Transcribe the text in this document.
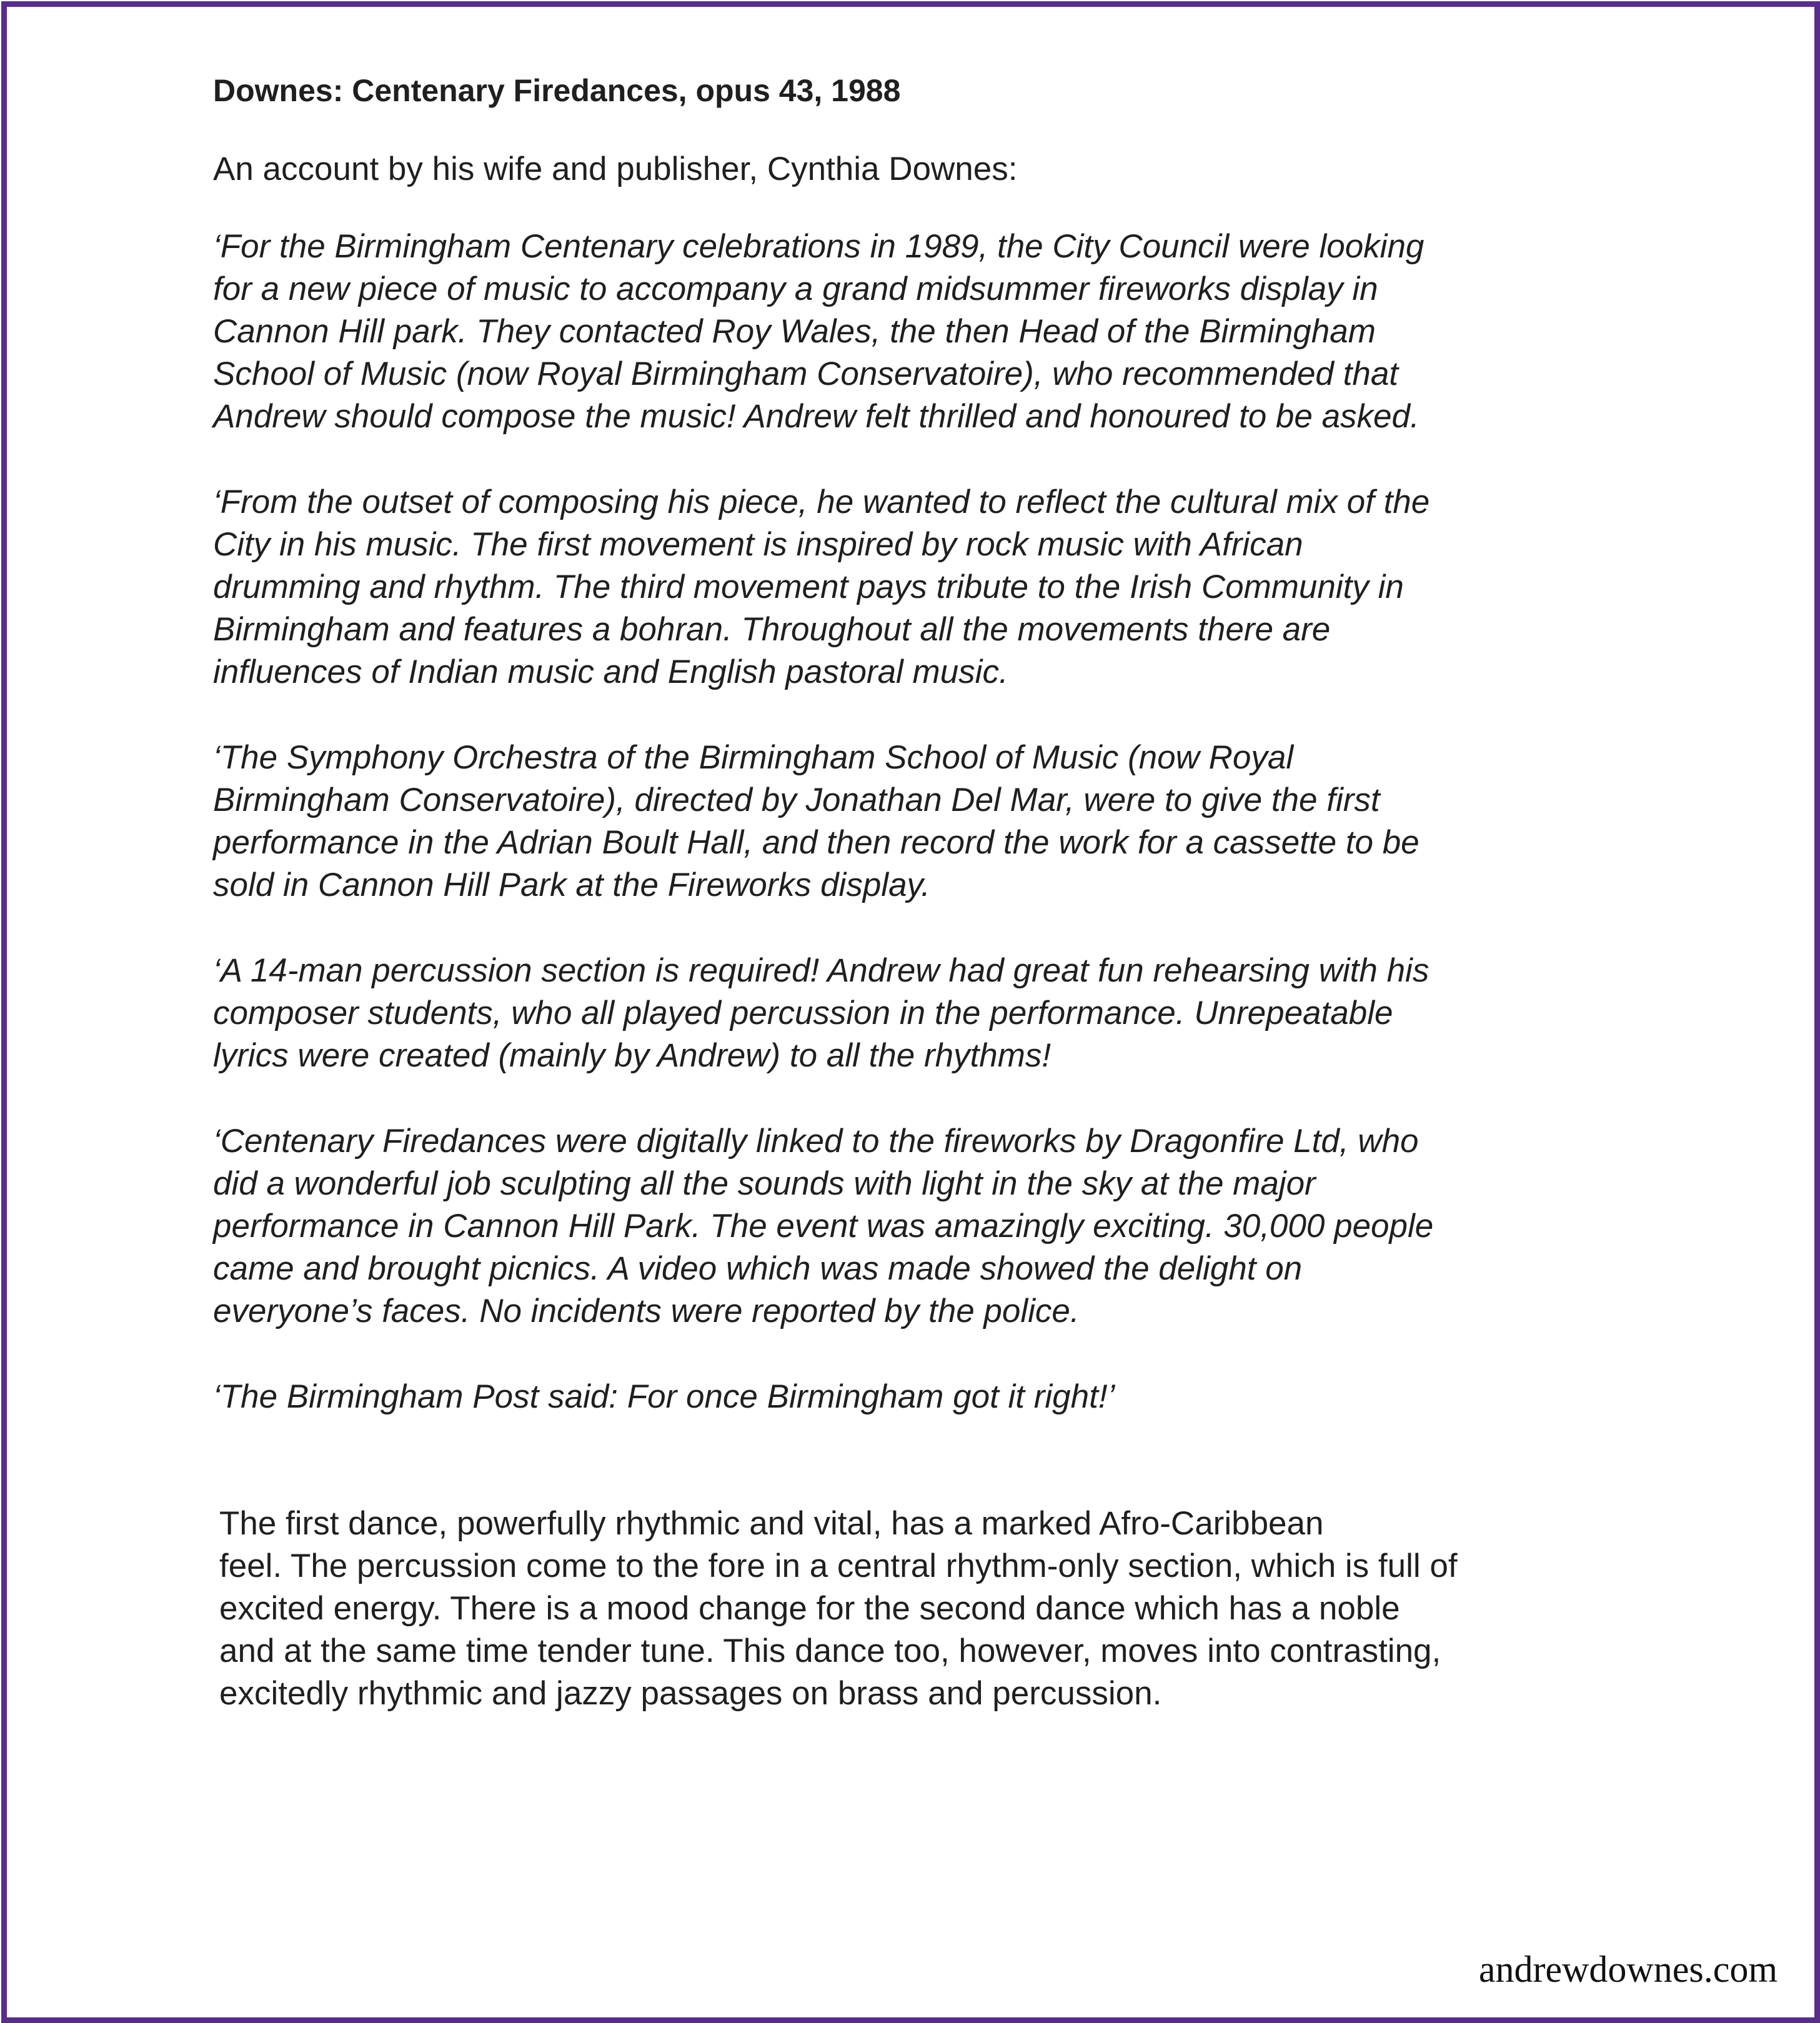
Downes: Centenary Firedances, opus 43, 1988

An account by his wife and publisher, Cynthia Downes:

‘For the Birmingham Centenary celebrations in 1989, the City Council were looking
for a new piece of music to accompany a grand midsummer fireworks display in
Cannon Hill park. They contacted Roy Wales, the then Head of the Birmingham
School of Music (now Royal Birmingham Conservatoire), who recommended that
Andrew should compose the music! Andrew felt thrilled and honoured to be asked.

‘From the outset of composing his piece, he wanted to reflect the cultural mix of the
City in his music. The first movement is inspired by rock music with African
drumming and rhythm. The third movement pays tribute to the Irish Community in
Birmingham and features a bohran. Throughout all the movements there are
influences of Indian music and English pastoral music.

‘The Symphony Orchestra of the Birmingham School of Music (now Royal
Birmingham Conservatoire), directed by Jonathan Del Mar, were to give the first
performance in the Adrian Boult Hall, and then record the work for a cassette to be
sold in Cannon Hill Park at the Fireworks display.

‘A 14-man percussion section is required! Andrew had great fun rehearsing with his
composer students, who all played percussion in the performance. Unrepeatable
lyrics were created (mainly by Andrew) to all the rhythms!

‘Centenary Firedances were digitally linked to the fireworks by Dragonfire Ltd, who
did a wonderful job sculpting all the sounds with light in the sky at the major
performance in Cannon Hill Park. The event was amazingly exciting. 30,000 people
came and brought picnics. A video which was made showed the delight on
everyone’s faces. No incidents were reported by the police.

‘The Birmingham Post said: For once Birmingham got it right!’

The first dance, powerfully rhythmic and vital, has a marked Afro-Caribbean
feel. The percussion come to the fore in a central rhythm-only section, which is full of
excited energy. There is a mood change for the second dance which has a noble
and at the same time tender tune. This dance too, however, moves into contrasting,
excitedly rhythmic and jazzy passages on brass and percussion.

andrewdownes.com
